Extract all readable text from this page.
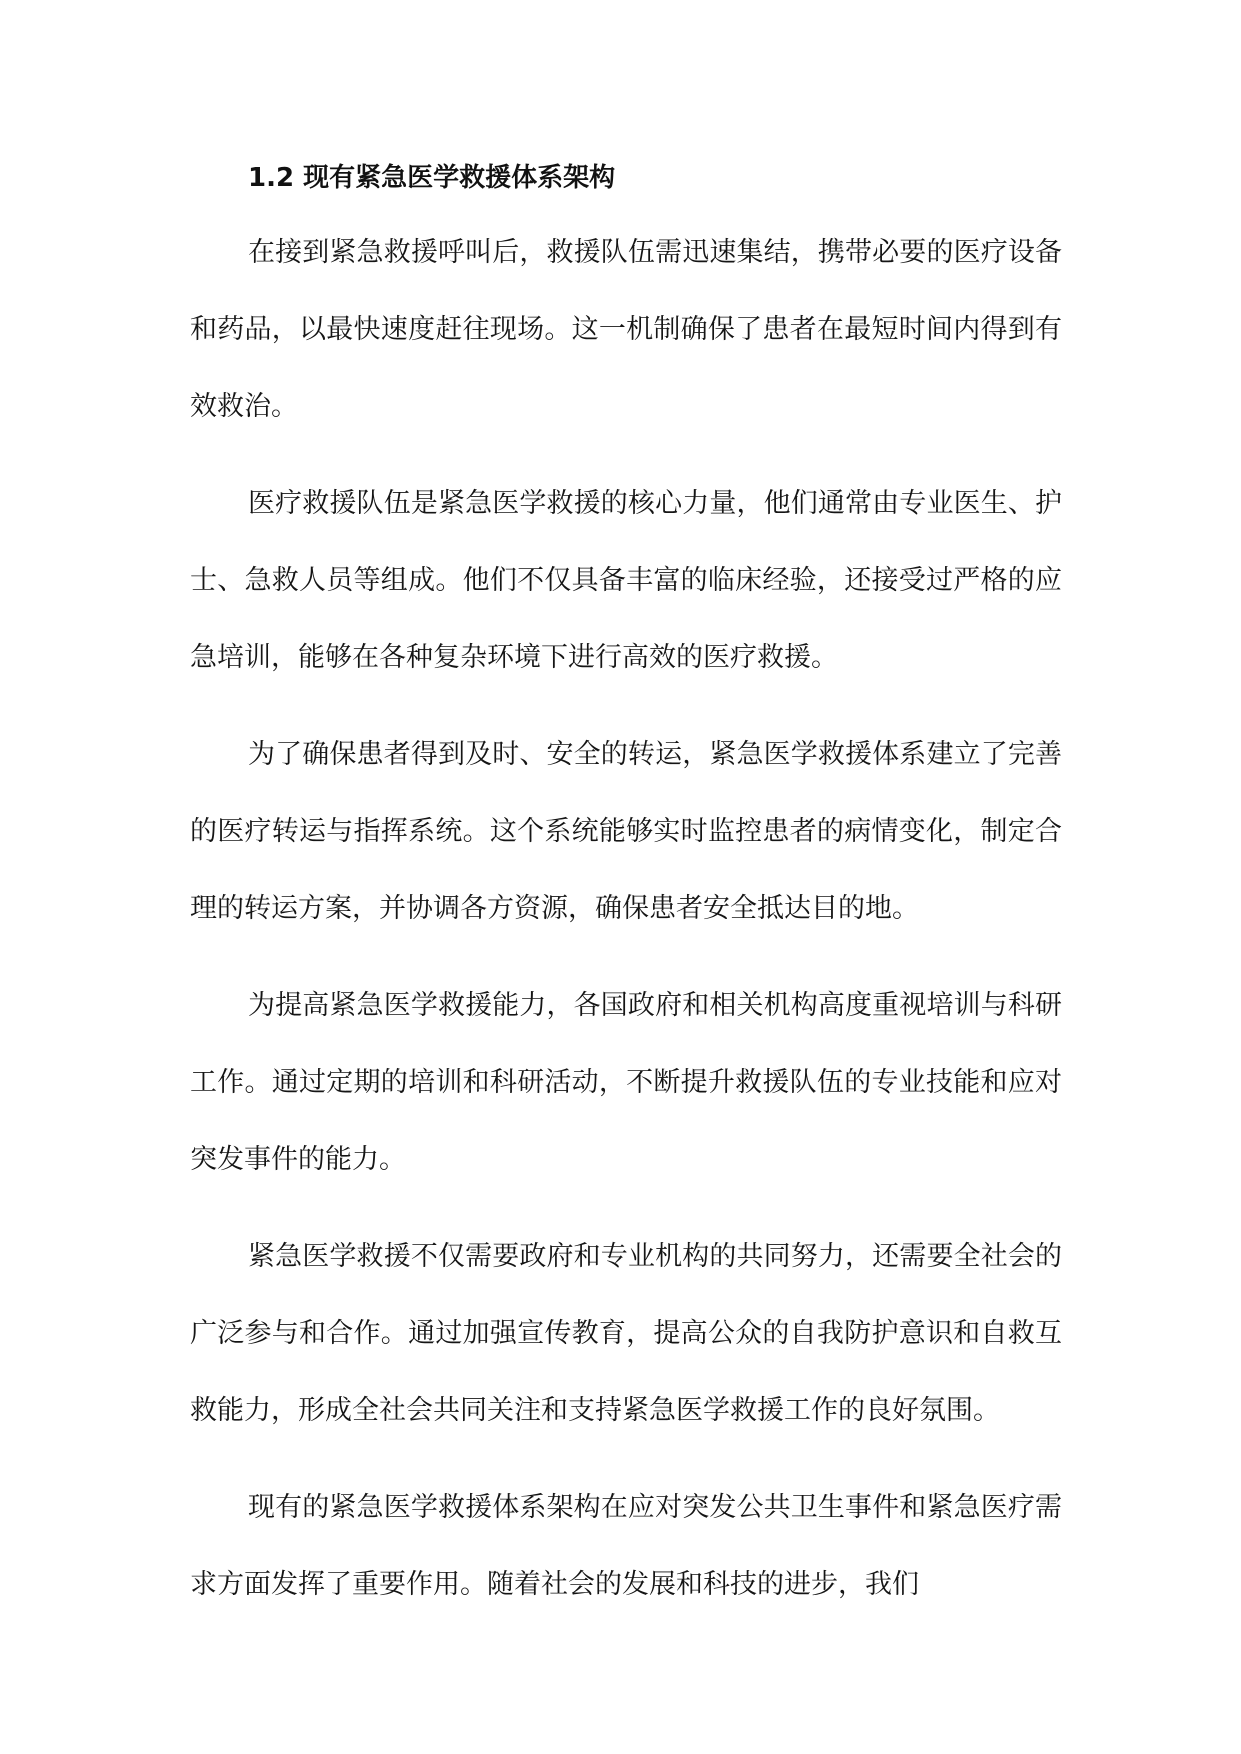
1.2 现有紧急医学救援体系架构

在接到紧急救援呼叫后，救援队伍需迅速集结，携带必要的医疗设备和药品，以最快速度赶往现场。这一机制确保了患者在最短时间内得到有效救治。

医疗救援队伍是紧急医学救援的核心力量，他们通常由专业医生、护士、急救人员等组成。他们不仅具备丰富的临床经验，还接受过严格的应急培训，能够在各种复杂环境下进行高效的医疗救援。

为了确保患者得到及时、安全的转运，紧急医学救援体系建立了完善的医疗转运与指挥系统。这个系统能够实时监控患者的病情变化，制定合理的转运方案，并协调各方资源，确保患者安全抵达目的地。

为提高紧急医学救援能力，各国政府和相关机构高度重视培训与科研工作。通过定期的培训和科研活动，不断提升救援队伍的专业技能和应对突发事件的能力。

紧急医学救援不仅需要政府和专业机构的共同努力，还需要全社会的广泛参与和合作。通过加强宣传教育，提高公众的自我防护意识和自救互救能力，形成全社会共同关注和支持紧急医学救援工作的良好氛围。

现有的紧急医学救援体系架构在应对突发公共卫生事件和紧急医疗需求方面发挥了重要作用。随着社会的发展和科技的进步，我们
